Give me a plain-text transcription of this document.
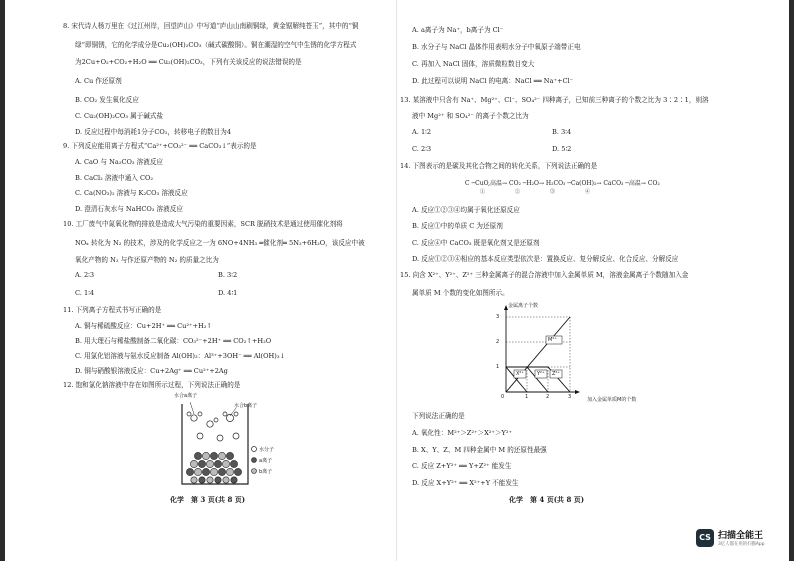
8. 宋代诗人杨万里在《过江州岸，回望庐山》中写道“庐山山南刷铜绿，黄金锯解纯苍玉”，其中的“铜
绿”即铜锈，它的化学成分是Cu₂(OH)₂CO₃（碱式碳酸铜）。铜在潮湿的空气中生锈的化学方程式
为2Cu+O₂+CO₂+H₂O ══ Cu₂(OH)₂CO₃，下列有关该反应的说法错误的是
A. Cu 作还原剂
B. CO₂ 发生氧化反应
C. Cu₂(OH)₂CO₃ 属于碱式盐
D. 反应过程中每消耗1分子CO₂，转移电子的数目为4
9. 下列反应能用离子方程式“Ca²⁺+CO₃²⁻ ══ CaCO₃↓”表示的是
A. CaO 与 Na₂CO₃ 溶液反应
B. CaCl₂ 溶液中通入 CO₂
C. Ca(NO₃)₂ 溶液与 K₂CO₃ 溶液反应
D. 澄清石灰水与 NaHCO₃ 溶液反应
10. 工厂废气中氮氧化物的排放是造成大气污染的重要因素，SCR 脱硝技术是通过使用催化剂将
NOₓ 转化为 N₂ 的技术，涉及的化学反应之一为 6NO+4NH₃ ═催化剂═ 5N₂+6H₂O，该反应中被
氧化产物的 N₂ 与作还原产物的 N₂ 的质量之比为
A. 2∶3	B. 3∶2
C. 1∶4	D. 4∶1
11. 下列离子方程式书写正确的是
A. 铜与稀硫酸反应：Cu+2H⁺ ══ Cu²⁺+H₂↑
B. 用大理石与稀盐酸制备二氧化碳：CO₃²⁻+2H⁺ ══ CO₂↑+H₂O
C. 用氯化铝溶液与氨水反应制备 Al(OH)₃：Al³⁺+3OH⁻ ══ Al(OH)₃↓
D. 铜与硝酸银溶液反应：Cu+2Ag⁺ ══ Cu²⁺+2Ag
12. 饱和氯化钠溶液中存在如图所示过程，下列说法正确的是
水合a离子
水合b离子
水分子
a离子
b离子
化学　第 3 页(共 8 页)
A. a离子为 Na⁺，b离子为 Cl⁻
B. 水分子与 NaCl 晶体作用表明水分子中氧原子端带正电
C. 再加入 NaCl 固体，溶质微粒数目变大
D. 此过程可以说明 NaCl 的电离：NaCl ══ Na⁺+Cl⁻
13. 某溶液中只含有 Na⁺、Mg²⁺、Cl⁻、SO₄²⁻ 四种离子，已知前三种离子的个数之比为 3∶2∶1，则溶
液中 Mg²⁺ 和 SO₄²⁻ 的离子个数之比为
A. 1∶2	B. 3∶4
C. 2∶3	D. 5∶2
14. 下图表示的是碳及其化合物之间的转化关系，下列说法正确的是
C ─CuO,高温→ CO₂ ─H₂O→ H₂CO₃ ─Ca(OH)₂→ CaCO₃ ─高温→ CO₂
　　　①　　　　　　②　　　　　　③　　　　　　④
A. 反应①②③④均属于氧化还原反应
B. 反应①中的单质 C 为还原剂
C. 反应④中 CaCO₃ 既是氧化剂又是还原剂
D. 反应①②③④相应的基本反应类型依次是：置换反应、复分解反应、化合反应、分解反应
15. 向含 X²⁺、Y²⁺、Z²⁺ 三种金属离子的混合溶液中加入金属单质 M，溶液金属离子个数随加入金
属单质 M 个数的变化如图所示。
金属离子个数
3
2
1
0	1	2	3
M²⁺
X²⁺	Y²⁺ Z²⁺
加入金属单质M的个数
下列说法正确的是
A. 氧化性：M²⁺＞Z²⁺＞X²⁺＞Y²⁺
B. X、Y、Z、M 四种金属中 M 的还原性最强
C. 反应 Z+Y²⁺ ══ Y+Z²⁺ 能发生
D. 反应 X+Y²⁺ ══ X²⁺+Y 不能发生
化学　第 4 页(共 8 页)
CS 扫描全能王
3亿人都在用的扫描App
